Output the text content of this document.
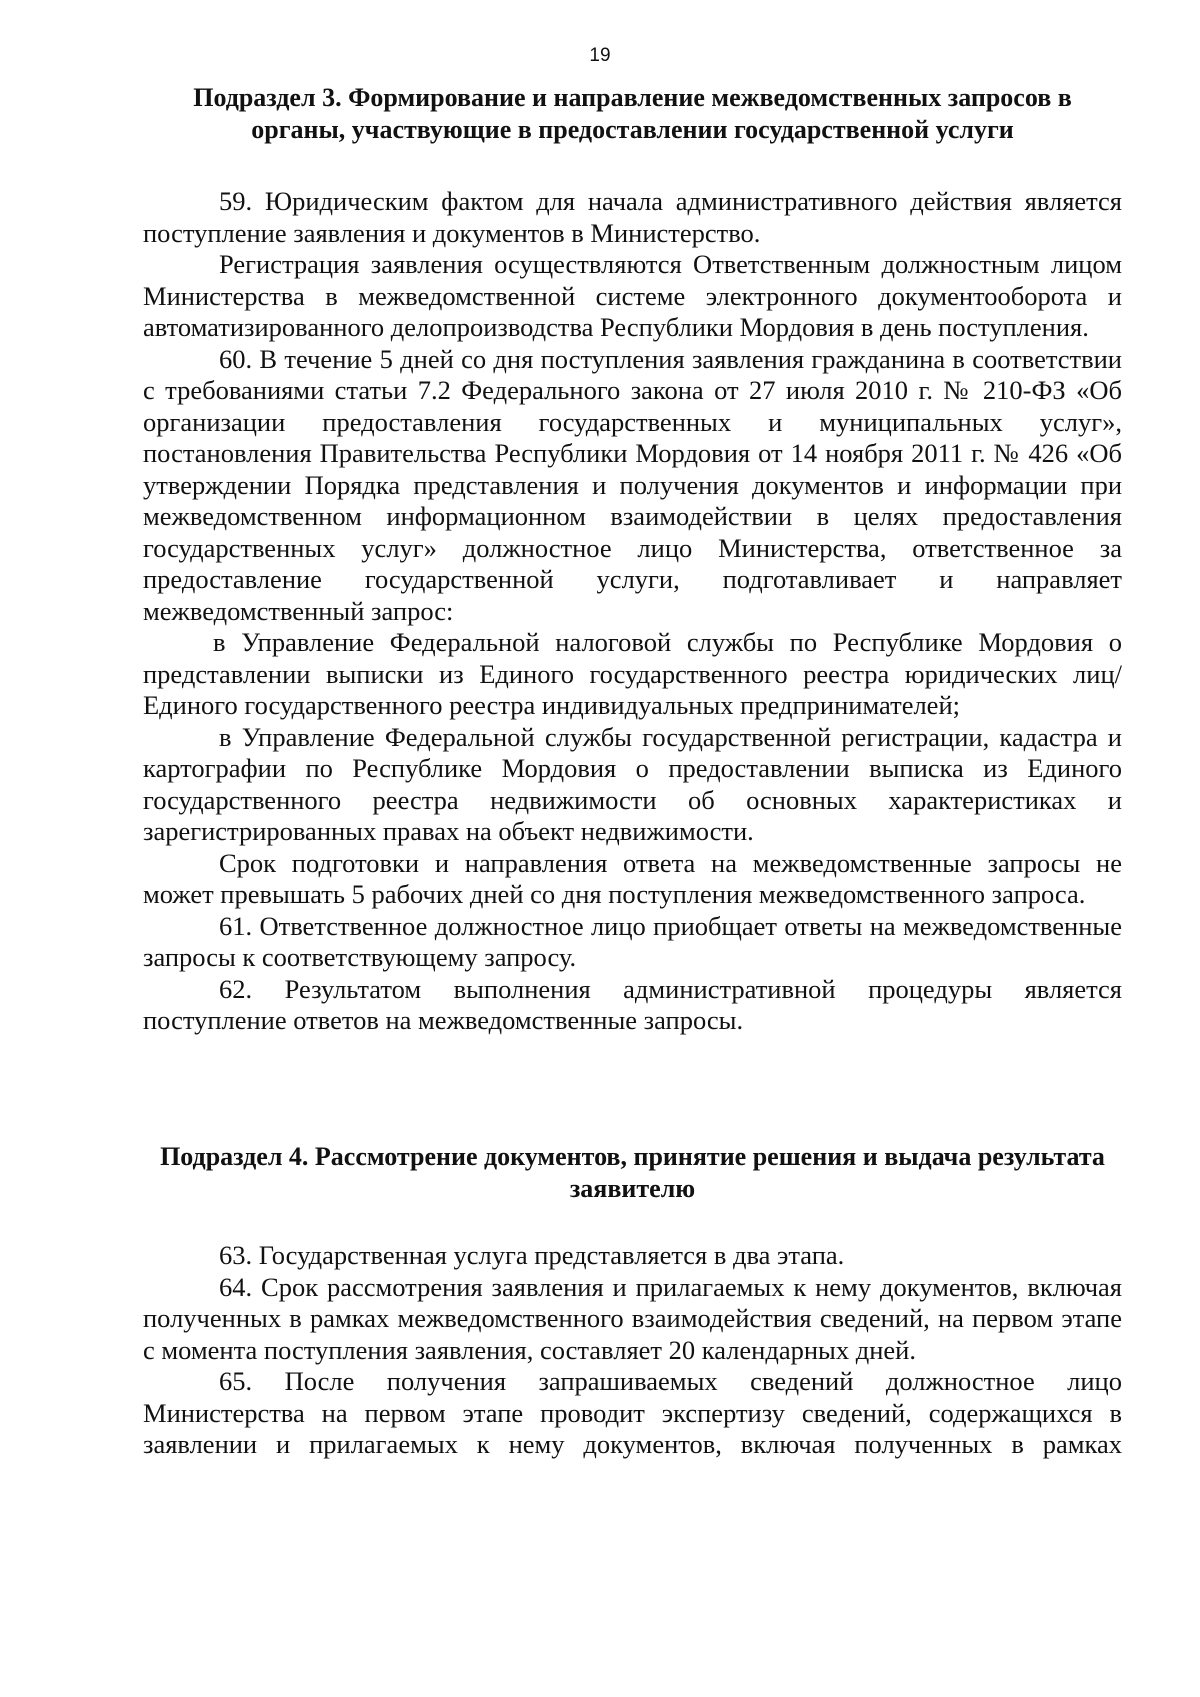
19
Подраздел 3. Формирование и направление межведомственных запросов в органы, участвующие в предоставлении государственной услуги

59. Юридическим фактом для начала административного действия является поступление заявления и документов в Министерство.

Регистрация заявления осуществляются Ответственным должностным лицом Министерства в межведомственной системе электронного документооборота и автоматизированного делопроизводства Республики Мордовия в день поступления.

60. В течение 5 дней со дня поступления заявления гражданина в соответствии с требованиями статьи 7.2 Федерального закона от 27 июля 2010 г. № 210-ФЗ «Об организации предоставления государственных и муниципальных услуг», постановления Правительства Республики Мордовия от 14 ноября 2011 г. № 426 «Об утверждении Порядка представления и получения документов и информации при межведомственном информационном взаимодействии в целях предоставления государственных услуг» должностное лицо Министерства, ответственное за предоставление государственной услуги, подготавливает и направляет межведомственный запрос:

в Управление Федеральной налоговой службы по Республике Мордовия о представлении выписки из Единого государственного реестра юридических лиц/Единого государственного реестра индивидуальных предпринимателей;

в Управление Федеральной службы государственной регистрации, кадастра и картографии по Республике Мордовия о предоставлении выписка из Единого государственного реестра недвижимости об основных характеристиках и зарегистрированных правах на объект недвижимости.

Срок подготовки и направления ответа на межведомственные запросы не может превышать 5 рабочих дней со дня поступления межведомственного запроса.

61. Ответственное должностное лицо приобщает ответы на межведомственные запросы к соответствующему запросу.

62. Результатом выполнения административной процедуры является поступление ответов на межведомственные запросы.

Подраздел 4. Рассмотрение документов, принятие решения и выдача результата заявителю

63. Государственная услуга представляется в два этапа.

64. Срок рассмотрения заявления и прилагаемых к нему документов, включая полученных в рамках межведомственного взаимодействия сведений, на первом этапе с момента поступления заявления, составляет 20 календарных дней.

65. После получения запрашиваемых сведений должностное лицо Министерства на первом этапе проводит экспертизу сведений, содержащихся в заявлении и прилагаемых к нему документов, включая полученных в рамках
